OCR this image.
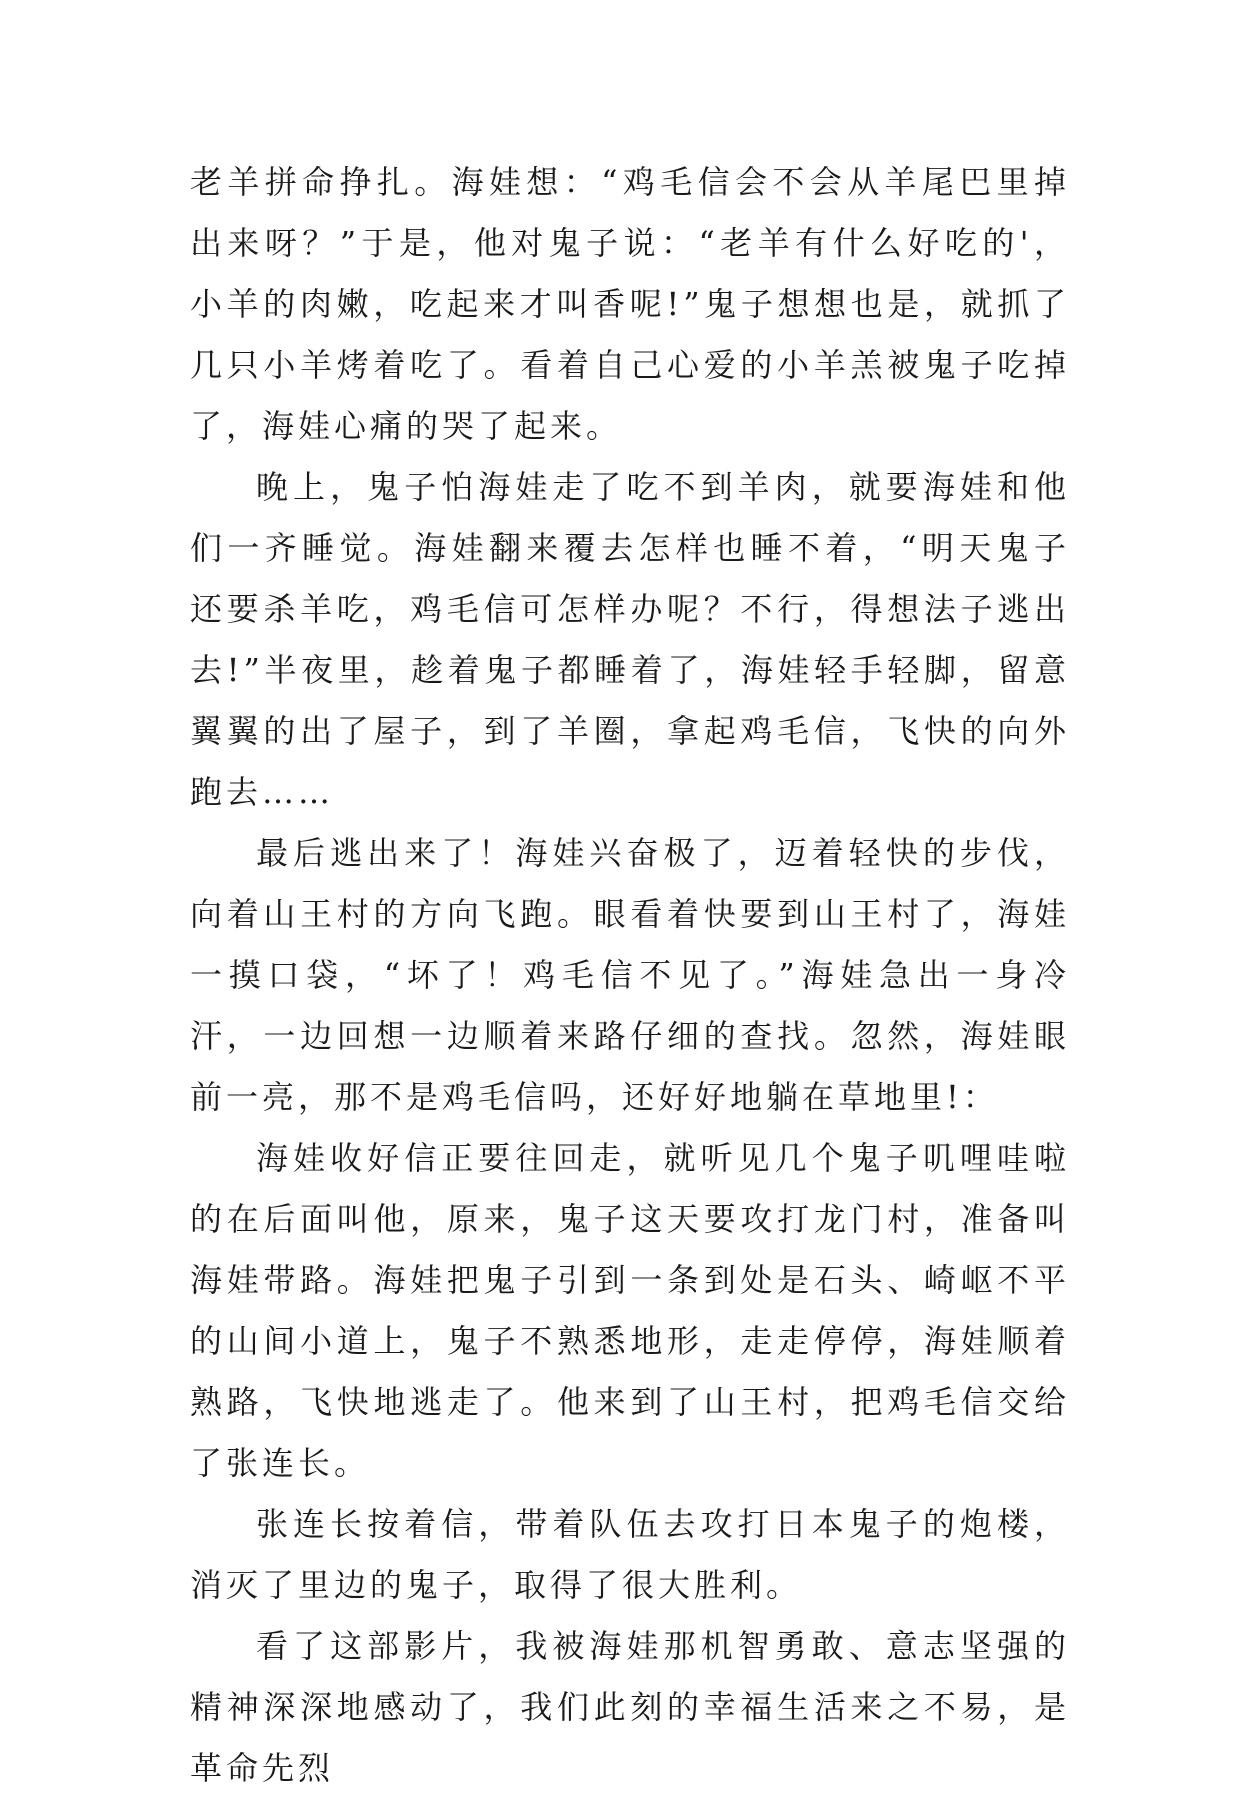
老羊拼命挣扎。海娃想：“鸡毛信会不会从羊尾巴里掉出来呀？”于是，他对鬼子说：“老羊有什么好吃的'，小羊的肉嫩，吃起来才叫香呢!”鬼子想想也是，就抓了几只小羊烤着吃了。看着自己心爱的小羊羔被鬼子吃掉了，海娃心痛的哭了起来。

晚上，鬼子怕海娃走了吃不到羊肉，就要海娃和他们一齐睡觉。海娃翻来覆去怎样也睡不着，“明天鬼子还要杀羊吃，鸡毛信可怎样办呢？不行，得想法子逃出去!”半夜里，趁着鬼子都睡着了，海娃轻手轻脚，留意翼翼的出了屋子，到了羊圈，拿起鸡毛信，飞快的向外跑去……

最后逃出来了！海娃兴奋极了，迈着轻快的步伐，向着山王村的方向飞跑。眼看着快要到山王村了，海娃一摸口袋，“坏了！鸡毛信不见了。”海娃急出一身冷汗，一边回想一边顺着来路仔细的查找。忽然，海娃眼前一亮，那不是鸡毛信吗，还好好地躺在草地里!：

海娃收好信正要往回走，就听见几个鬼子叽哩哇啦的在后面叫他，原来，鬼子这天要攻打龙门村，准备叫海娃带路。海娃把鬼子引到一条到处是石头、崎岖不平的山间小道上，鬼子不熟悉地形，走走停停，海娃顺着熟路，飞快地逃走了。他来到了山王村，把鸡毛信交给了张连长。

张连长按着信，带着队伍去攻打日本鬼子的炮楼，消灭了里边的鬼子，取得了很大胜利。

看了这部影片，我被海娃那机智勇敢、意志坚强的精神深深地感动了，我们此刻的幸福生活来之不易，是革命先烈
